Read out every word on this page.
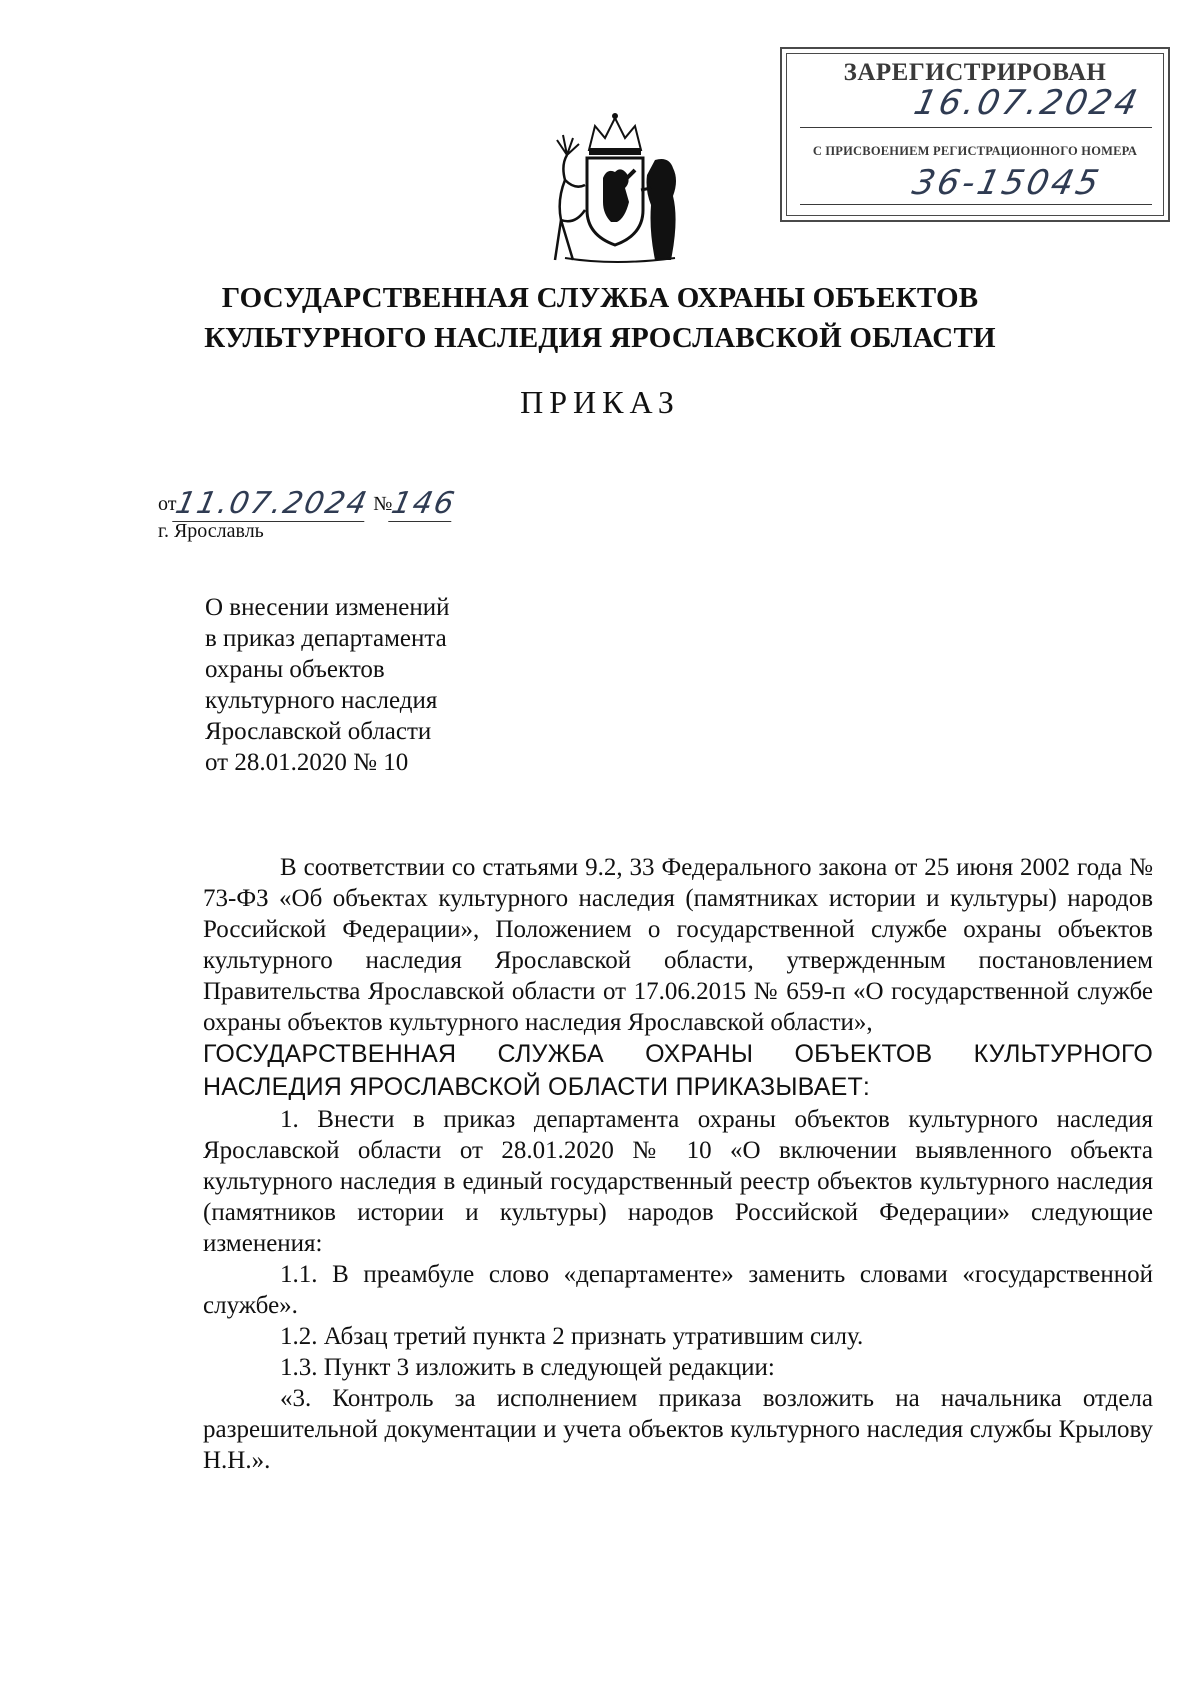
ЗАРЕГИСТРИРОВАН
16.07.2024
С ПРИСВОЕНИЕМ РЕГИСТРАЦИОННОГО НОМЕРА
36-15045
ГОСУДАРСТВЕННАЯ СЛУЖБА ОХРАНЫ ОБЪЕКТОВ
КУЛЬТУРНОГО НАСЛЕДИЯ ЯРОСЛАВСКОЙ ОБЛАСТИ
ПРИКАЗ
от11.07.2024 №146
г. Ярославль
О внесении изменений
в приказ департамента
охраны объектов
культурного наследия
Ярославской области
от 28.01.2020 № 10

В соответствии со статьями 9.2, 33 Федерального закона от 25 июня 2002 года № 73-ФЗ «Об объектах культурного наследия (памятниках истории и культуры) народов Российской Федерации», Положением о государственной службе охраны объектов культурного наследия Ярославской области, утвержденным постановлением Правительства Ярославской области от 17.06.2015 № 659-п «О государственной службе охраны объектов культурного наследия Ярославской области»,

ГОСУДАРСТВЕННАЯ СЛУЖБА ОХРАНЫ ОБЪЕКТОВ КУЛЬТУРНОГО НАСЛЕДИЯ ЯРОСЛАВСКОЙ ОБЛАСТИ ПРИКАЗЫВАЕТ:

1. Внести в приказ департамента охраны объектов культурного наследия Ярославской области от 28.01.2020 № 10 «О включении выявленного объекта культурного наследия в единый государственный реестр объектов культурного наследия (памятников истории и культуры) народов Российской Федерации» следующие изменения:

1.1. В преамбуле слово «департаменте» заменить словами «государственной службе».

1.2. Абзац третий пункта 2 признать утратившим силу.

1.3. Пункт 3 изложить в следующей редакции:

«3. Контроль за исполнением приказа возложить на начальника отдела разрешительной документации и учета объектов культурного наследия службы Крылову Н.Н.».
